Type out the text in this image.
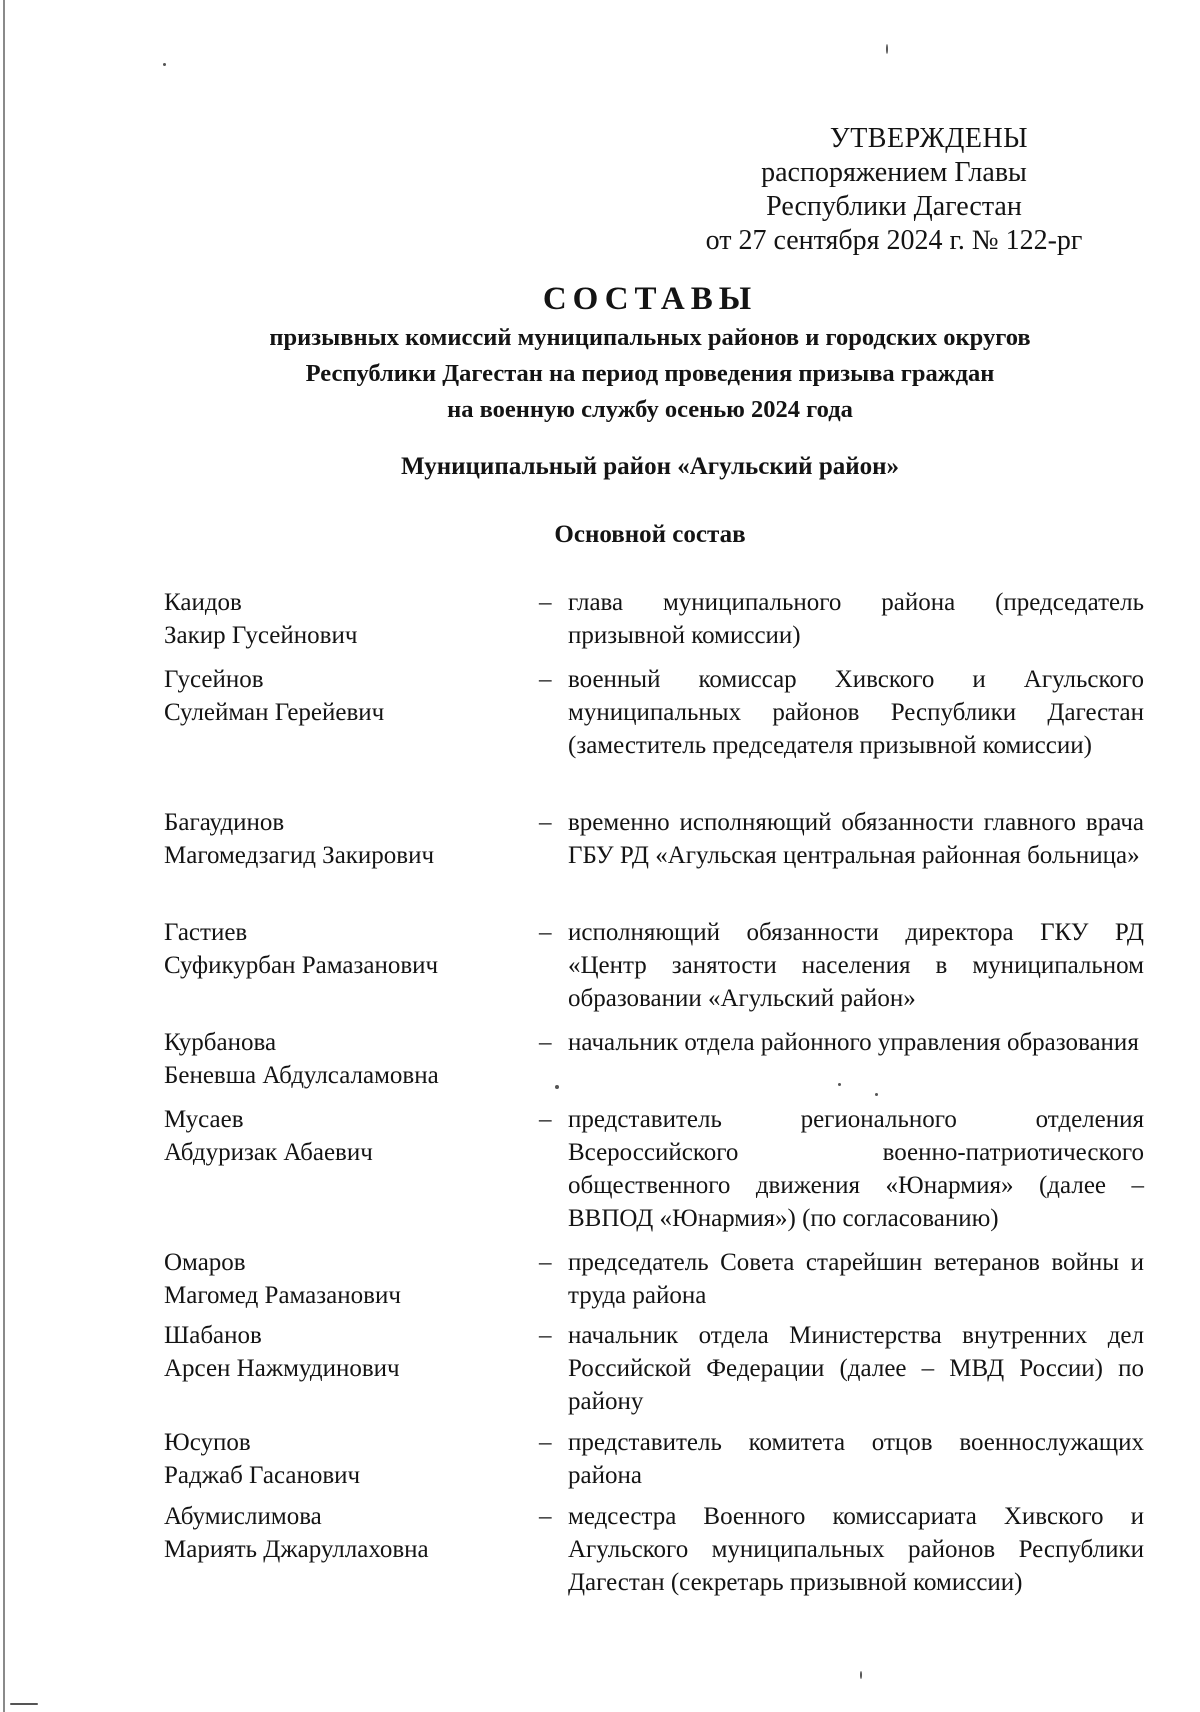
УТВЕРЖДЕНЫ
распоряжением Главы
Республики Дагестан
от 27 сентября 2024 г. № 122-рг
СОСТАВЫ
призывных комиссий муниципальных районов и городских округов
Республики Дагестан на период проведения призыва граждан
на военную службу осенью 2024 года
Муниципальный район «Агульский район»
Основной состав
Каидов
Закир Гусейнович
– глава муниципального района (председатель призывной комиссии)
Гусейнов
Сулейман Герейевич
– военный комиссар Хивского и Агульского муниципальных районов Республики Дагестан (заместитель председателя призывной комиссии)
Багаудинов
Магомедзагид Закирович
– временно исполняющий обязанности главного врача ГБУ РД «Агульская центральная районная больница»
Гастиев
Суфикурбан Рамазанович
– исполняющий обязанности директора ГКУ РД «Центр занятости населения в муниципальном образовании «Агульский район»
Курбанова
Беневша Абдулсаламовна
– начальник отдела районного управления образования
Мусаев
Абдуризак Абаевич
– представитель регионального отделения Всероссийского военно-патриотического общественного движения «Юнармия» (далее – ВВПОД «Юнармия») (по согласованию)
Омаров
Магомед Рамазанович
– председатель Совета старейшин ветеранов войны и труда района
Шабанов
Арсен Нажмудинович
– начальник отдела Министерства внутренних дел Российской Федерации (далее – МВД России) по району
Юсупов
Раджаб Гасанович
– представитель комитета отцов военнослужащих района
Абумислимова
Мариять Джаруллаховна
– медсестра Военного комиссариата Хивского и Агульского муниципальных районов Республики Дагестан (секретарь призывной комиссии)
